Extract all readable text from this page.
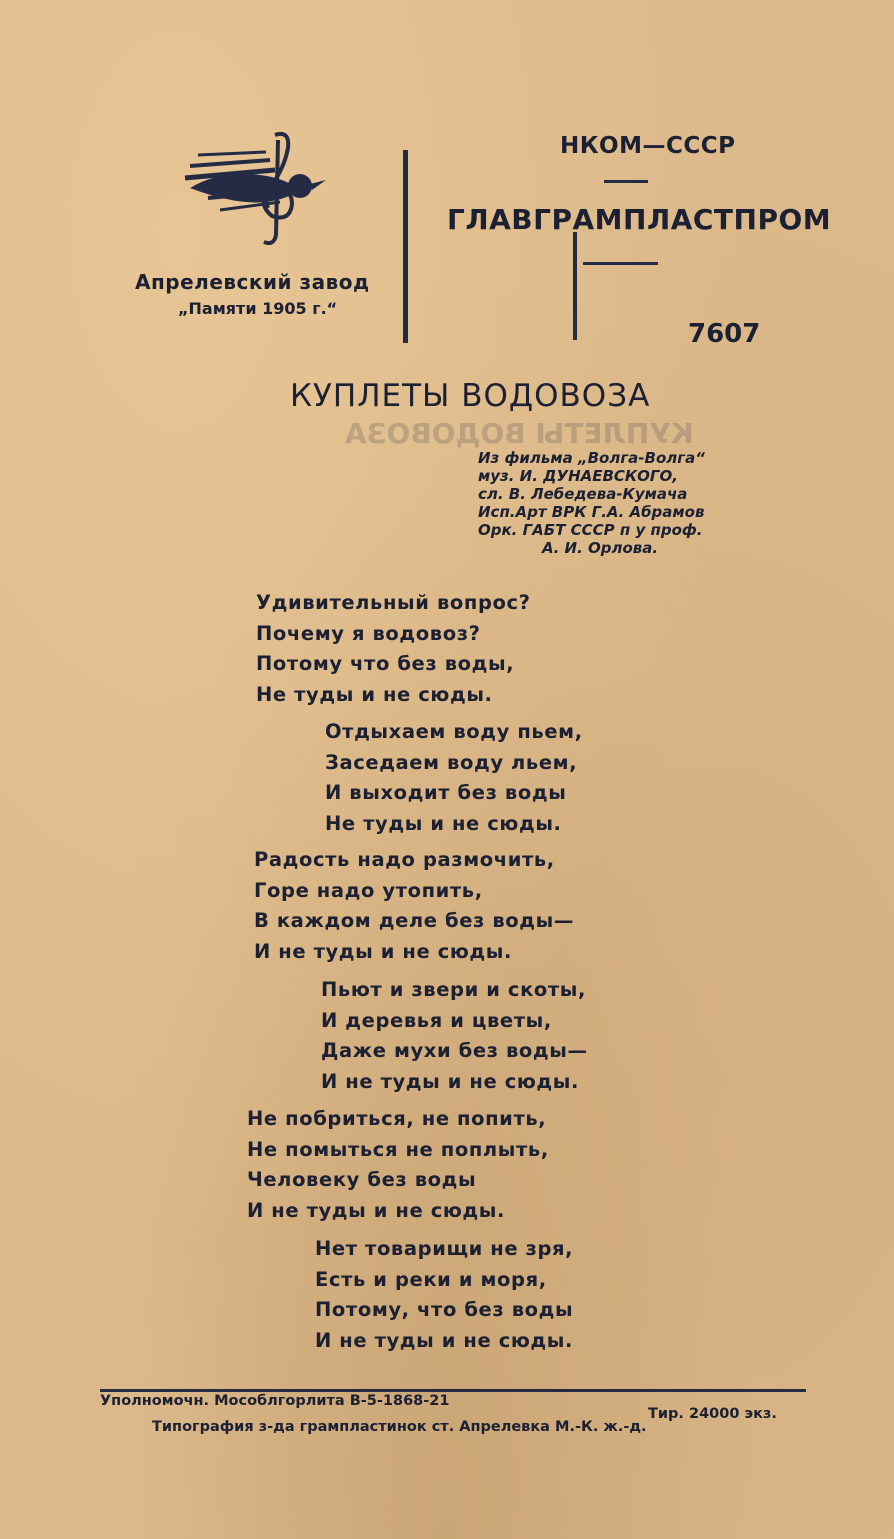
КУПЛЕТЫ ВОДОВОЗА
Апрелевский завод
„Памяти 1905 г.“
НКОМ—СССР
ГЛАВГРАМПЛАСТПРОМ
7607
КУПЛЕТЫ ВОДОВОЗА
Из фильма „Волга-Волга“
муз. И. ДУНАЕВСКОГО,
сл. В. Лебедева-Кумача
Исп.Арт ВРК Г.А. Абрамов
Орк. ГАБТ СССР п у проф.
А. И. Орлова.
Удивительный вопрос?
Почему я водовоз?
Потому что без воды,
Не туды и не сюды.
Отдыхаем воду пьем,
Заседаем воду льем,
И выходит без воды
Не туды и не сюды.
Радость надо размочить,
Горе надо утопить,
В каждом деле без воды—
И не туды и не сюды.
Пьют и звери и скоты,
И деревья и цветы,
Даже мухи без воды—
И не туды и не сюды.
Не побриться, не попить,
Не помыться не поплыть,
Человеку без воды
И не туды и не сюды.
Нет товарищи не зря,
Есть и реки и моря,
Потому, что без воды
И не туды и не сюды.
Уполномочн. Мособлгорлита В-5-1868-21
Тир. 24000 экз.
Типография з-да грампластинок ст. Апрелевка М.-К. ж.-д.
